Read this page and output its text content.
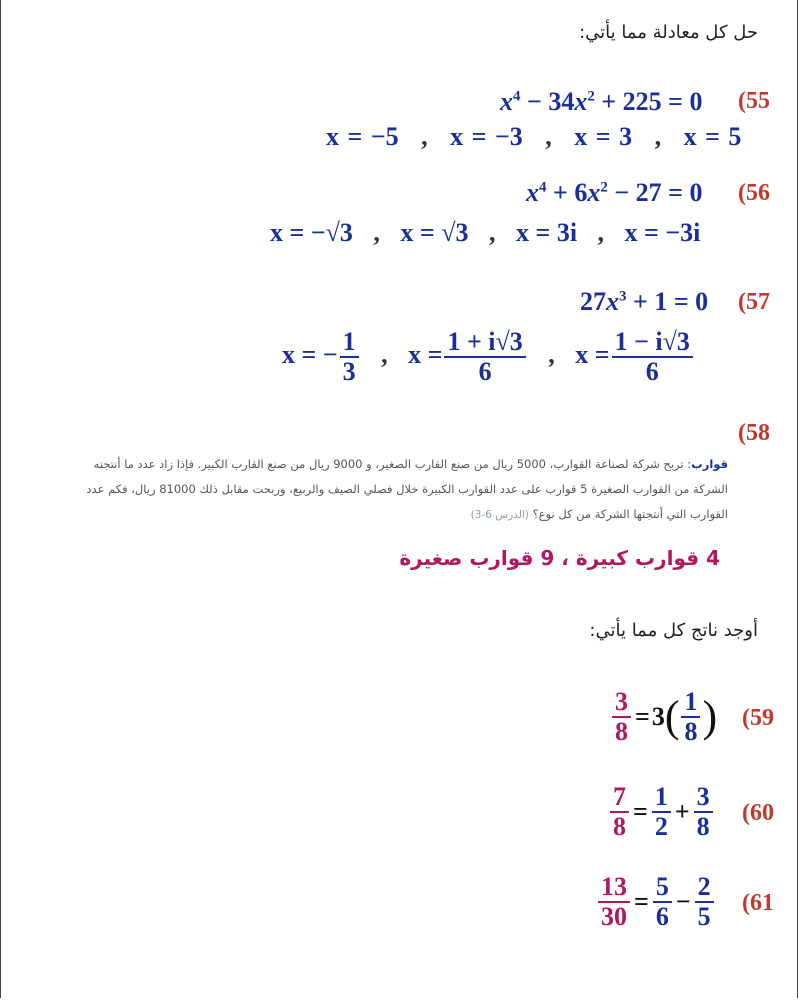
حل كل معادلة مما يأتي:
(55
$x^4 - 34x^2 + 225 = 0$
x = −5 , x = −3 , x = 3 , x = 5
(56
$x^4 + 6x^2 - 27 = 0$
x = −√3 , x = √3 , x = 3i , x = −3i
(57
$27x^3 + 1 = 0$
x = − $\frac{1}{3}$ , $x = \frac{1 + i√3}{6}$ , $x = \frac{1 - i√3}{6}$
(58
قوارب: تربح شركة لصناعة القوارب، 5000 ريال من صنع القارب الصغير، و 9000 ريال من صنع القارب الكبير. فإذا زاد عدد ما أنتجته
الشركة من القوارب الصغيرة 5 قوارب على عدد القوارب الكبيرة خلال فصلي الصيف والربيع، وربحت مقابل ذلك 81000 ريال، فكم عدد
القوارب التي أنتجتها الشركة من كل نوع؟ (الدرس 6-3)
4 قوارب كبيرة ، 9 قوارب صغيرة
أوجد ناتج كل مما يأتي:
(59
$\frac{3}{8} = 3$ ( $\frac{1}{8}$ )
(60
$\frac{7}{8} = \frac{1}{2} + \frac{3}{8}$
(61
$\frac{13}{30} = \frac{5}{6} - \frac{2}{5}$
